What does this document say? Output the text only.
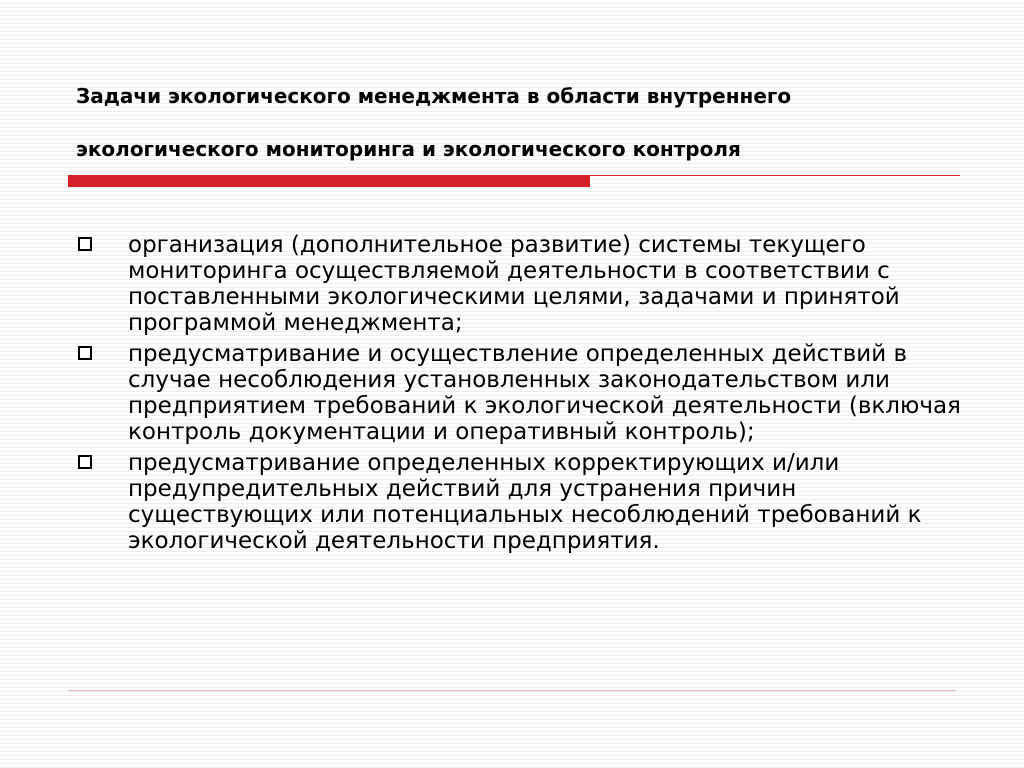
Задачи экологического менеджмента в области внутреннего
экологического мониторинга и экологического контроля
организация (дополнительное развитие) системы текущего мониторинга осуществляемой деятельности в соответствии с поставленными экологическими целями, задачами и принятой программой менеджмента;
предусматривание и осуществление определенных действий в случае несоблюдения установленных законодательством или предприятием требований к экологической деятельности (включая контроль документации и оперативный контроль);
предусматривание определенных корректирующих и/или предупредительных действий для устранения причин существующих или потенциальных несоблюдений требований к экологической деятельности предприятия.
